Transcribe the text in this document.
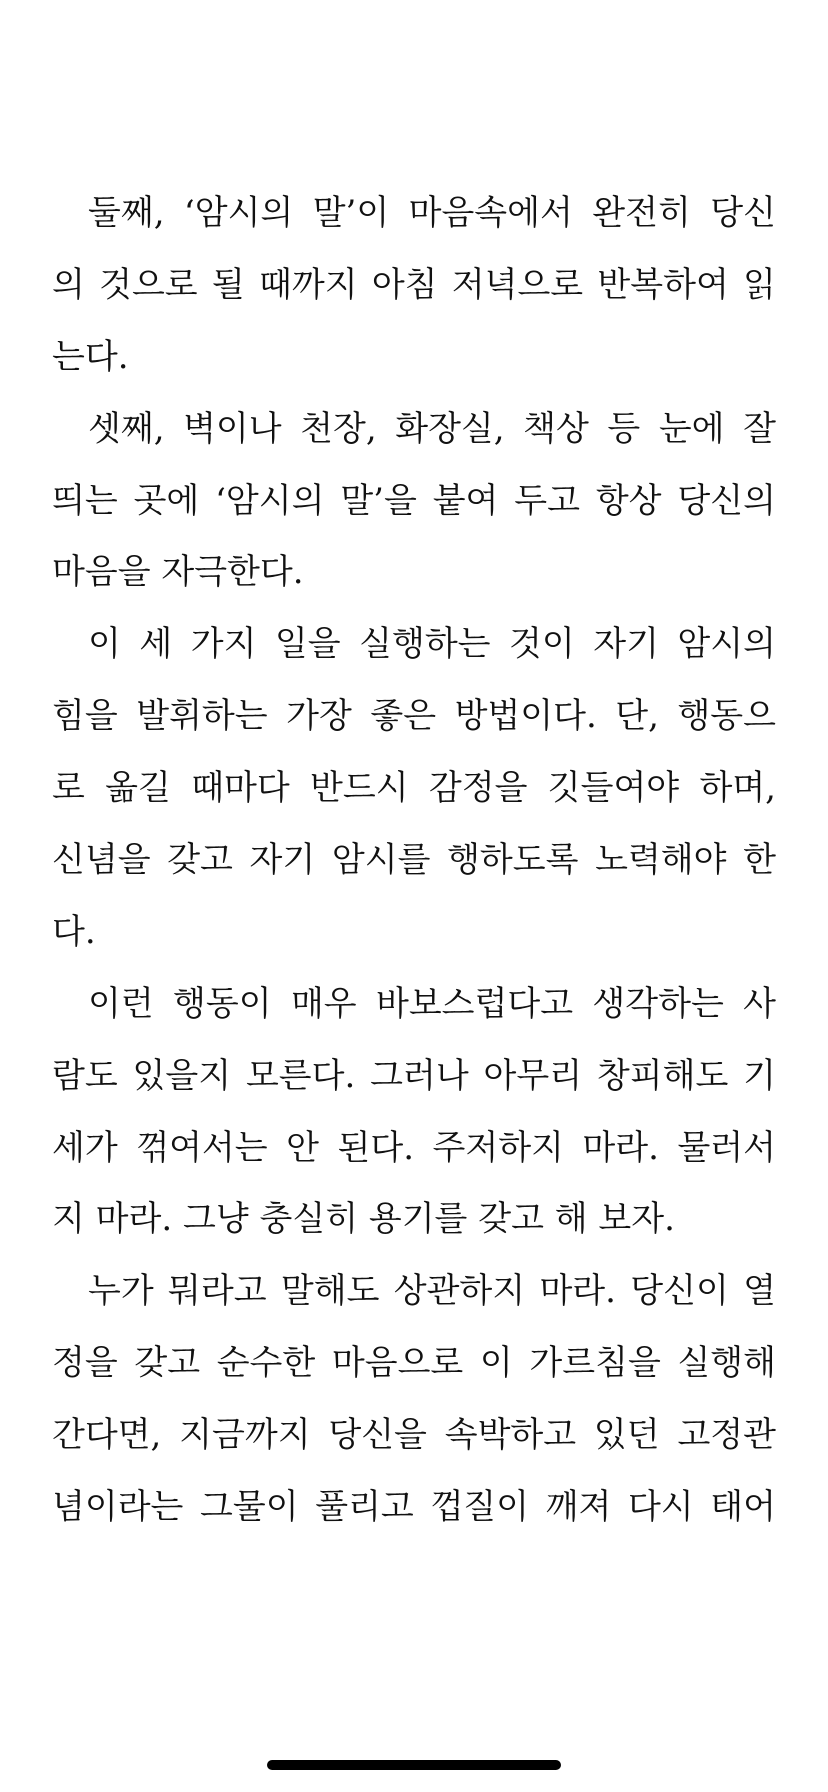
둘째, ‘암시의 말’이 마음속에서 완전히 당신
의 것으로 될 때까지 아침 저녁으로 반복하여 읽
는다.
셋째, 벽이나 천장, 화장실, 책상 등 눈에 잘
띄는 곳에 ‘암시의 말’을 붙여 두고 항상 당신의
마음을 자극한다.
이 세 가지 일을 실행하는 것이 자기 암시의
힘을 발휘하는 가장 좋은 방법이다. 단, 행동으
로 옮길 때마다 반드시 감정을 깃들여야 하며,
신념을 갖고 자기 암시를 행하도록 노력해야 한
다.
이런 행동이 매우 바보스럽다고 생각하는 사
람도 있을지 모른다. 그러나 아무리 창피해도 기
세가 꺾여서는 안 된다. 주저하지 마라. 물러서
지 마라. 그냥 충실히 용기를 갖고 해 보자.
누가 뭐라고 말해도 상관하지 마라. 당신이 열
정을 갖고 순수한 마음으로 이 가르침을 실행해
간다면, 지금까지 당신을 속박하고 있던 고정관
념이라는 그물이 풀리고 껍질이 깨져 다시 태어
